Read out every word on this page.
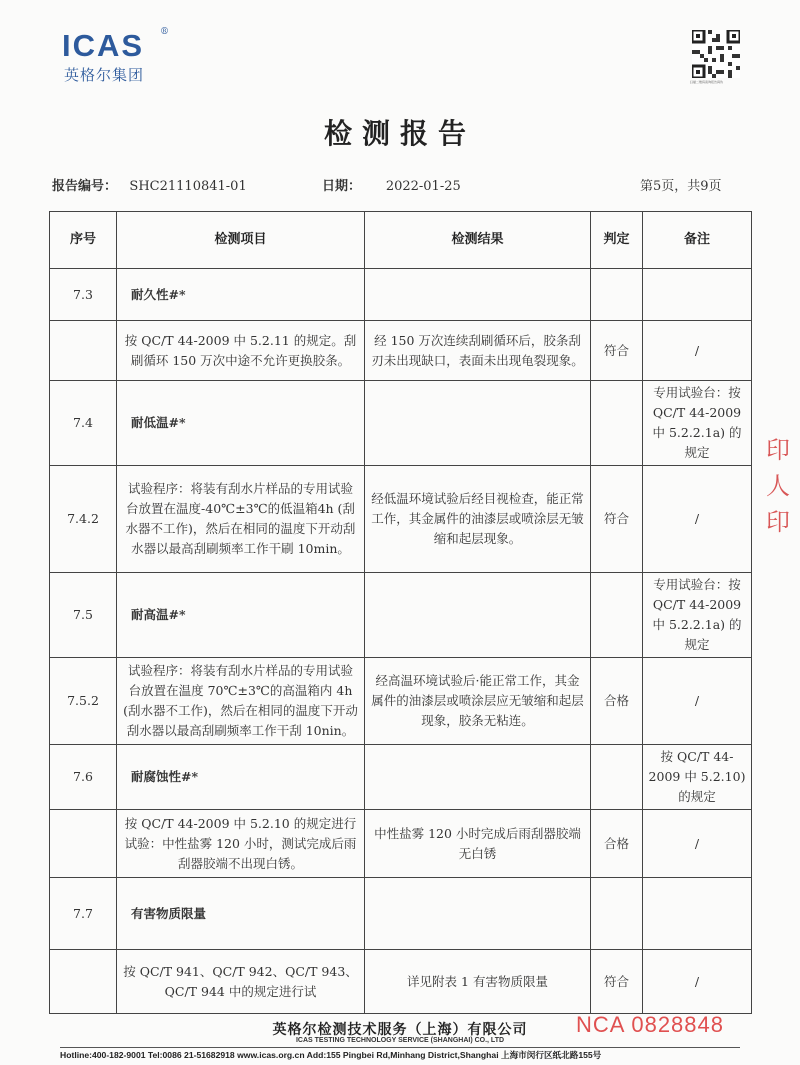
ICAS
英格尔集团
®
扫描二维码查询报告真伪
检测报告
报告编号： SHC21110841-01	日期： 2022-01-25	第5页，共9页
序号	检测项目	检测结果	判定	备注
7.3	耐久性#*			
	按 QC/T 44-2009 中 5.2.11 的规定。刮刷循环 150 万次中途不允许更换胶条。	经 150 万次连续刮刷循环后，胶条刮刃未出现缺口，表面未出现龟裂现象。	符合	/
7.4	耐低温#*			专用试验台：按 QC/T 44-2009 中 5.2.2.1a) 的规定
7.4.2	试验程序：将装有刮水片样品的专用试验台放置在温度-40℃±3℃的低温箱4h (刮水器不工作)，然后在相同的温度下开动刮水器以最高刮刷频率工作干刷 10min。	经低温环境试验后经目视检查，能正常工作，其金属件的油漆层或喷涂层无皱缩和起层现象。	符合	/
7.5	耐高温#*			专用试验台：按 QC/T 44-2009 中 5.2.2.1a) 的规定
7.5.2	试验程序：将装有刮水片样品的专用试验台放置在温度 70℃±3℃的高温箱内 4h (刮水器不工作)，然后在相同的温度下开动刮水器以最高刮刷频率工作干刮 10nin。	经高温环境试验后·能正常工作，其金属件的油漆层或喷涂层应无皱缩和起层现象，胶条无粘连。	合格	/
7.6	耐腐蚀性#*			按 QC/T 44-2009 中 5.2.10) 的规定
	按 QC/T 44-2009 中 5.2.10 的规定进行试验：中性盐雾 120 小时，测试完成后雨刮器胶端不出现白锈。	中性盐雾 120 小时完成后雨刮器胶端无白锈	合格	/
7.7	有害物质限量			
	按 QC/T 941、QC/T 942、QC/T 943、QC/T 944 中的规定进行试	详见附表 1 有害物质限量	符合	/
印 人 印
英格尔检测技术服务（上海）有限公司
ICAS TESTING TECHNOLOGY SERVICE (SHANGHAI) CO., LTD
Hotline:400-182-9001 Tel:0086 21-51682918 www.icas.org.cn Add:155 Pingbei Rd,Minhang District,Shanghai 上海市闵行区纸北路155号
NCA 0828848
